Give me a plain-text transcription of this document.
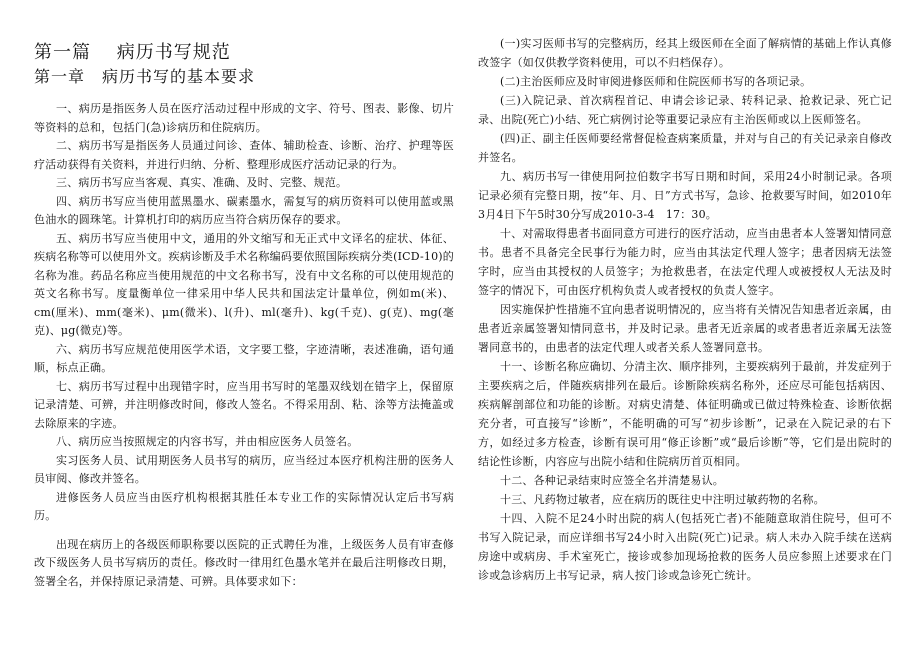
第一篇　 病历书写规范
第一章　病历书写的基本要求

一、病历是指医务人员在医疗活动过程中形成的文字、符号、图表、影像、切片等资料的总和，包括门(急)诊病历和住院病历。

二、病历书写是指医务人员通过问诊、查体、辅助检查、诊断、治疗、护理等医疗活动获得有关资料，并进行归纳、分析、整理形成医疗活动记录的行为。

三、病历书写应当客观、真实、准确、及时、完整、规范。

四、病历书写应当使用蓝黑墨水、碳素墨水，需复写的病历资料可以使用蓝或黑色油水的圆珠笔。计算机打印的病历应当符合病历保存的要求。

五、病历书写应当使用中文，通用的外文缩写和无正式中文译名的症状、体征、疾病名称等可以使用外文。疾病诊断及手术名称编码要依照国际疾病分类(ICD-10)的名称为准。药品名称应当使用规范的中文名称书写，没有中文名称的可以使用规范的英文名称书写。度量衡单位一律采用中华人民共和国法定计量单位，例如m(米)、cm(厘米)、mm(毫米)、μm(微米)、l(升)、ml(毫升)、kg(千克)、g(克)、mg(毫克)、μg(微克)等。

六、病历书写应规范使用医学术语，文字要工整，字迹清晰，表述准确，语句通顺，标点正确。

七、病历书写过程中出现错字时，应当用书写时的笔墨双线划在错字上，保留原记录清楚、可辨，并注明修改时间，修改人签名。不得采用刮、粘、涂等方法掩盖或去除原来的字迹。

八、病历应当按照规定的内容书写，并由相应医务人员签名。

实习医务人员、试用期医务人员书写的病历，应当经过本医疗机构注册的医务人员审阅、修改并签名。

进修医务人员应当由医疗机构根据其胜任本专业工作的实际情况认定后书写病历。

出现在病历上的各级医师职称要以医院的正式聘任为准，上级医务人员有审查修改下级医务人员书写病历的责任。修改时一律用红色墨水笔并在最后注明修改日期，签署全名，并保持原记录清楚、可辨。具体要求如下：

(一)实习医师书写的完整病历，经其上级医师在全面了解病情的基础上作认真修改签字（如仅供教学资料使用，可以不归档保存）。

(二)主治医师应及时审阅进修医师和住院医师书写的各项记录。

(三)入院记录、首次病程首记、申请会诊记录、转科记录、抢救记录、死亡记录、出院(死亡)小结、死亡病例讨论等重要记录应有主治医师或以上医师签名。

(四)正、副主任医师要经常督促检查病案质量，并对与自己的有关记录亲自修改并签名。

九、病历书写一律使用阿拉伯数字书写日期和时间，采用24小时制记录。各项记录必须有完整日期，按“年、月、日”方式书写，急诊、抢救要写时间，如2010年3月4日下午5时30分写成2010-3-4　17：30。

十、对需取得患者书面同意方可进行的医疗活动，应当由患者本人签署知情同意书。患者不具备完全民事行为能力时，应当由其法定代理人签字；患者因病无法签字时，应当由其授权的人员签字；为抢救患者，在法定代理人或被授权人无法及时签字的情况下，可由医疗机构负责人或者授权的负责人签字。

因实施保护性措施不宜向患者说明情况的，应当将有关情况告知患者近亲属，由患者近亲属签署知情同意书，并及时记录。患者无近亲属的或者患者近亲属无法签署同意书的，由患者的法定代理人或者关系人签署同意书。

十一、诊断名称应确切、分清主次、顺序排列，主要疾病列于最前，并发症列于主要疾病之后，伴随疾病排列在最后。诊断除疾病名称外，还应尽可能包括病因、疾病解剖部位和功能的诊断。对病史清楚、体征明确或已做过特殊检查、诊断依据充分者，可直接写“诊断”，不能明确的可写“初步诊断”，记录在入院记录的右下方，如经过多方检查，诊断有误可用“修正诊断”或“最后诊断”等，它们是出院时的结论性诊断，内容应与出院小结和住院病历首页相同。

十二、各种记录结束时应签全名并清楚易认。

十三、凡药物过敏者，应在病历的既往史中注明过敏药物的名称。

十四、入院不足24小时出院的病人(包括死亡者)不能随意取消住院号，但可不书写入院记录，而应详细书写24小时入出院(死亡)记录。病人未办入院手续在送病房途中或病房、手术室死亡，接诊或参加现场抢救的医务人员应参照上述要求在门诊或急诊病历上书写记录，病人按门诊或急诊死亡统计。
